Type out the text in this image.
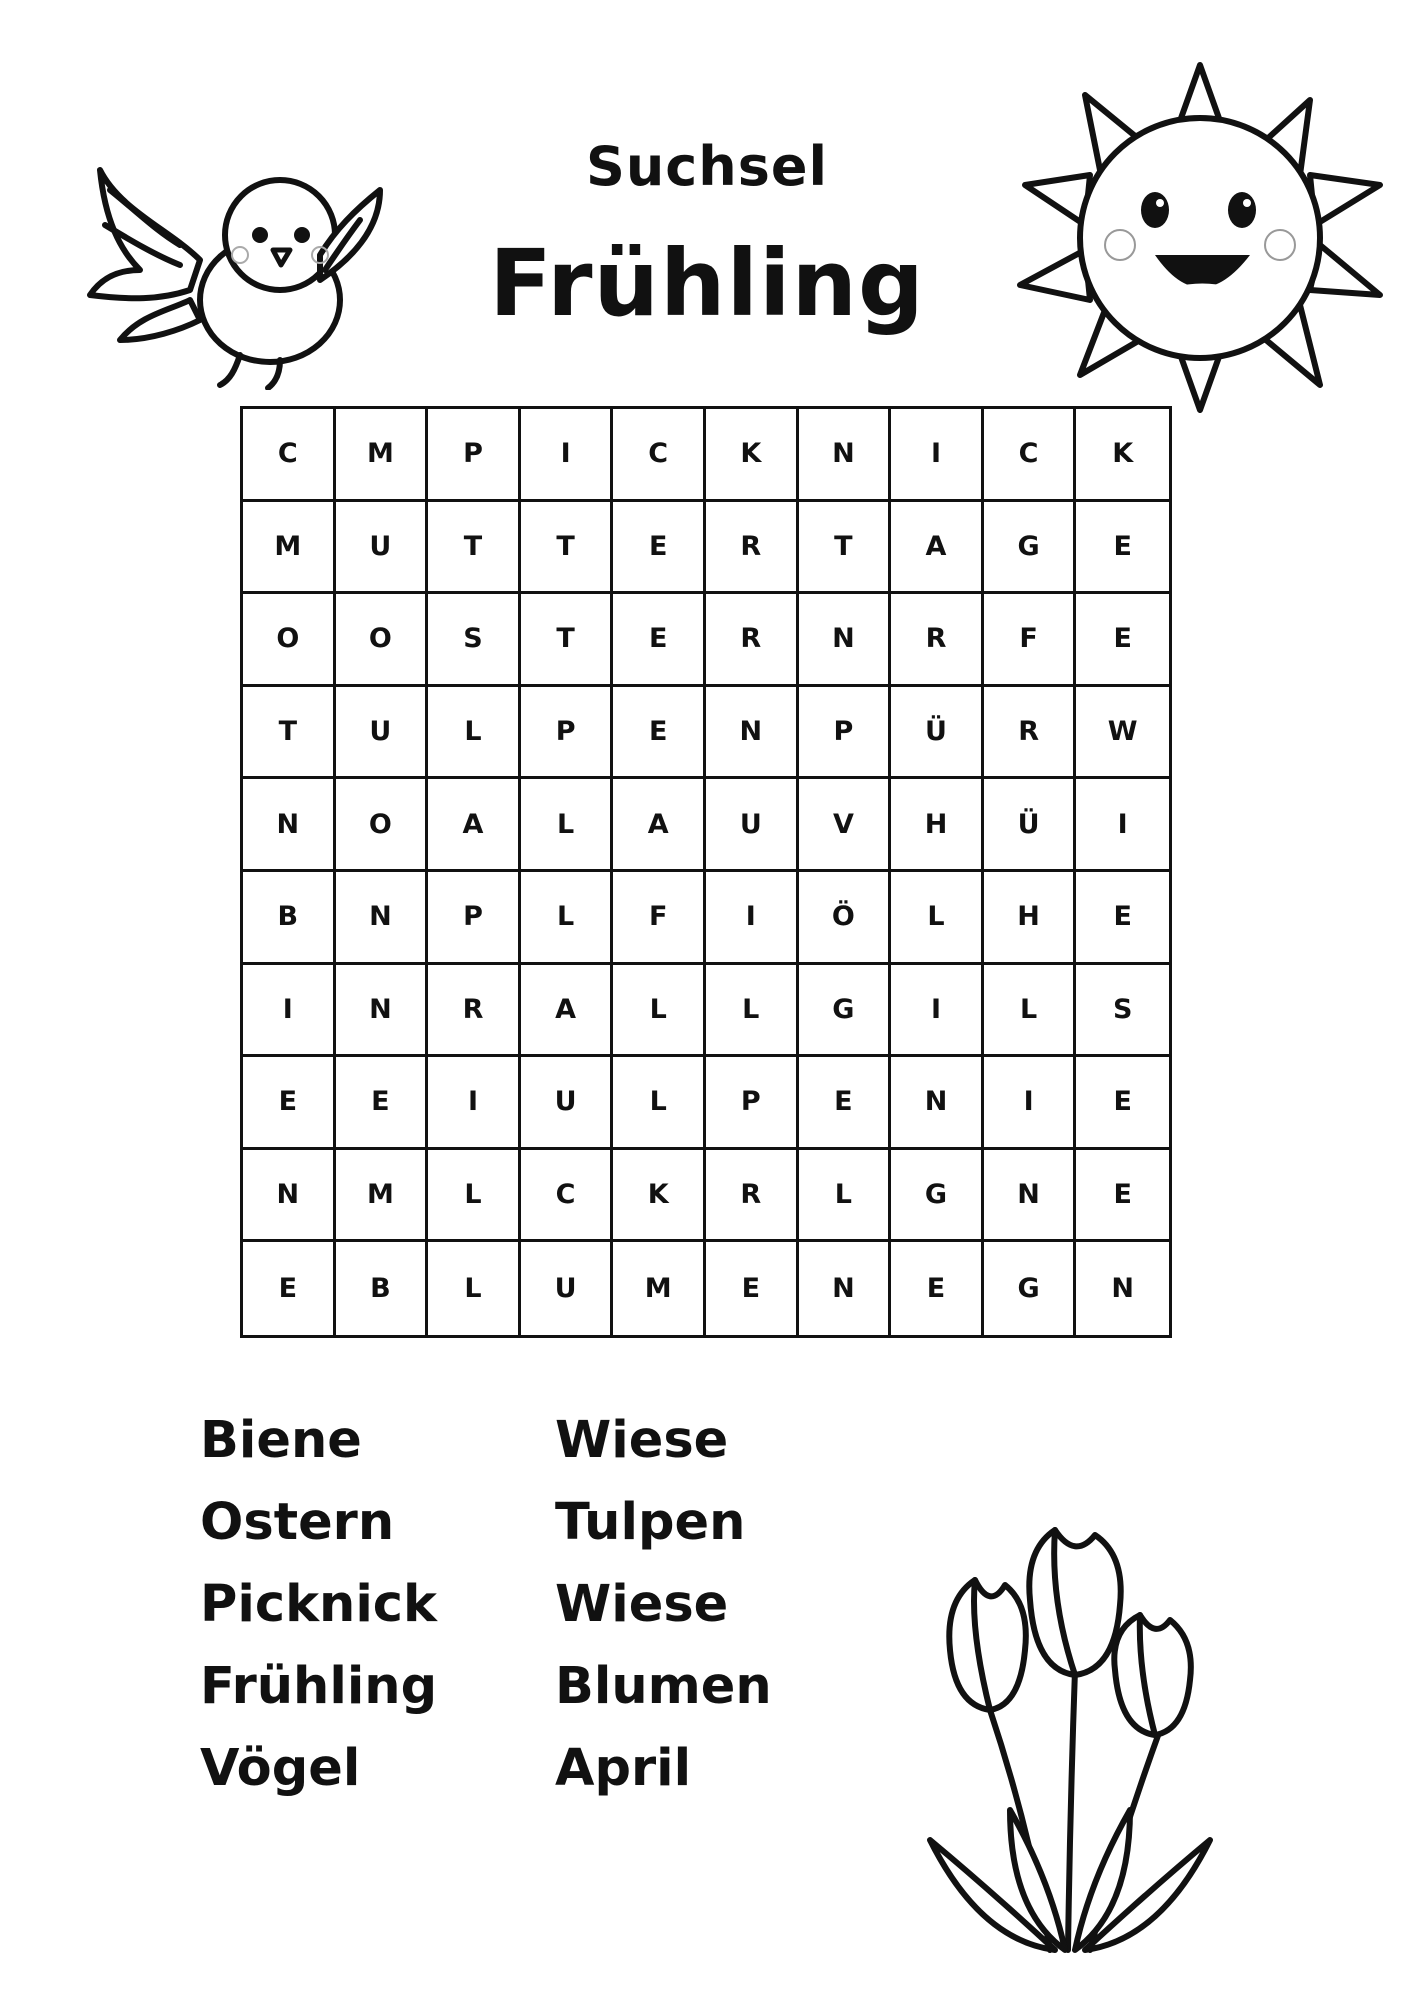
Suchsel
Frühling
C	M	P	I	C	K	N	I	C	K
M	U	T	T	E	R	T	A	G	E
O	O	S	T	E	R	N	R	F	E
T	U	L	P	E	N	P	Ü	R	W
N	O	A	L	A	U	V	H	Ü	I
B	N	P	L	F	I	Ö	L	H	E
I	N	R	A	L	L	G	I	L	S
E	E	I	U	L	P	E	N	I	E
N	M	L	C	K	R	L	G	N	E
E	B	L	U	M	E	N	E	G	N
Biene
Ostern
Picknick
Frühling
Vögel
Wiese
Tulpen
Wiese
Blumen
April
